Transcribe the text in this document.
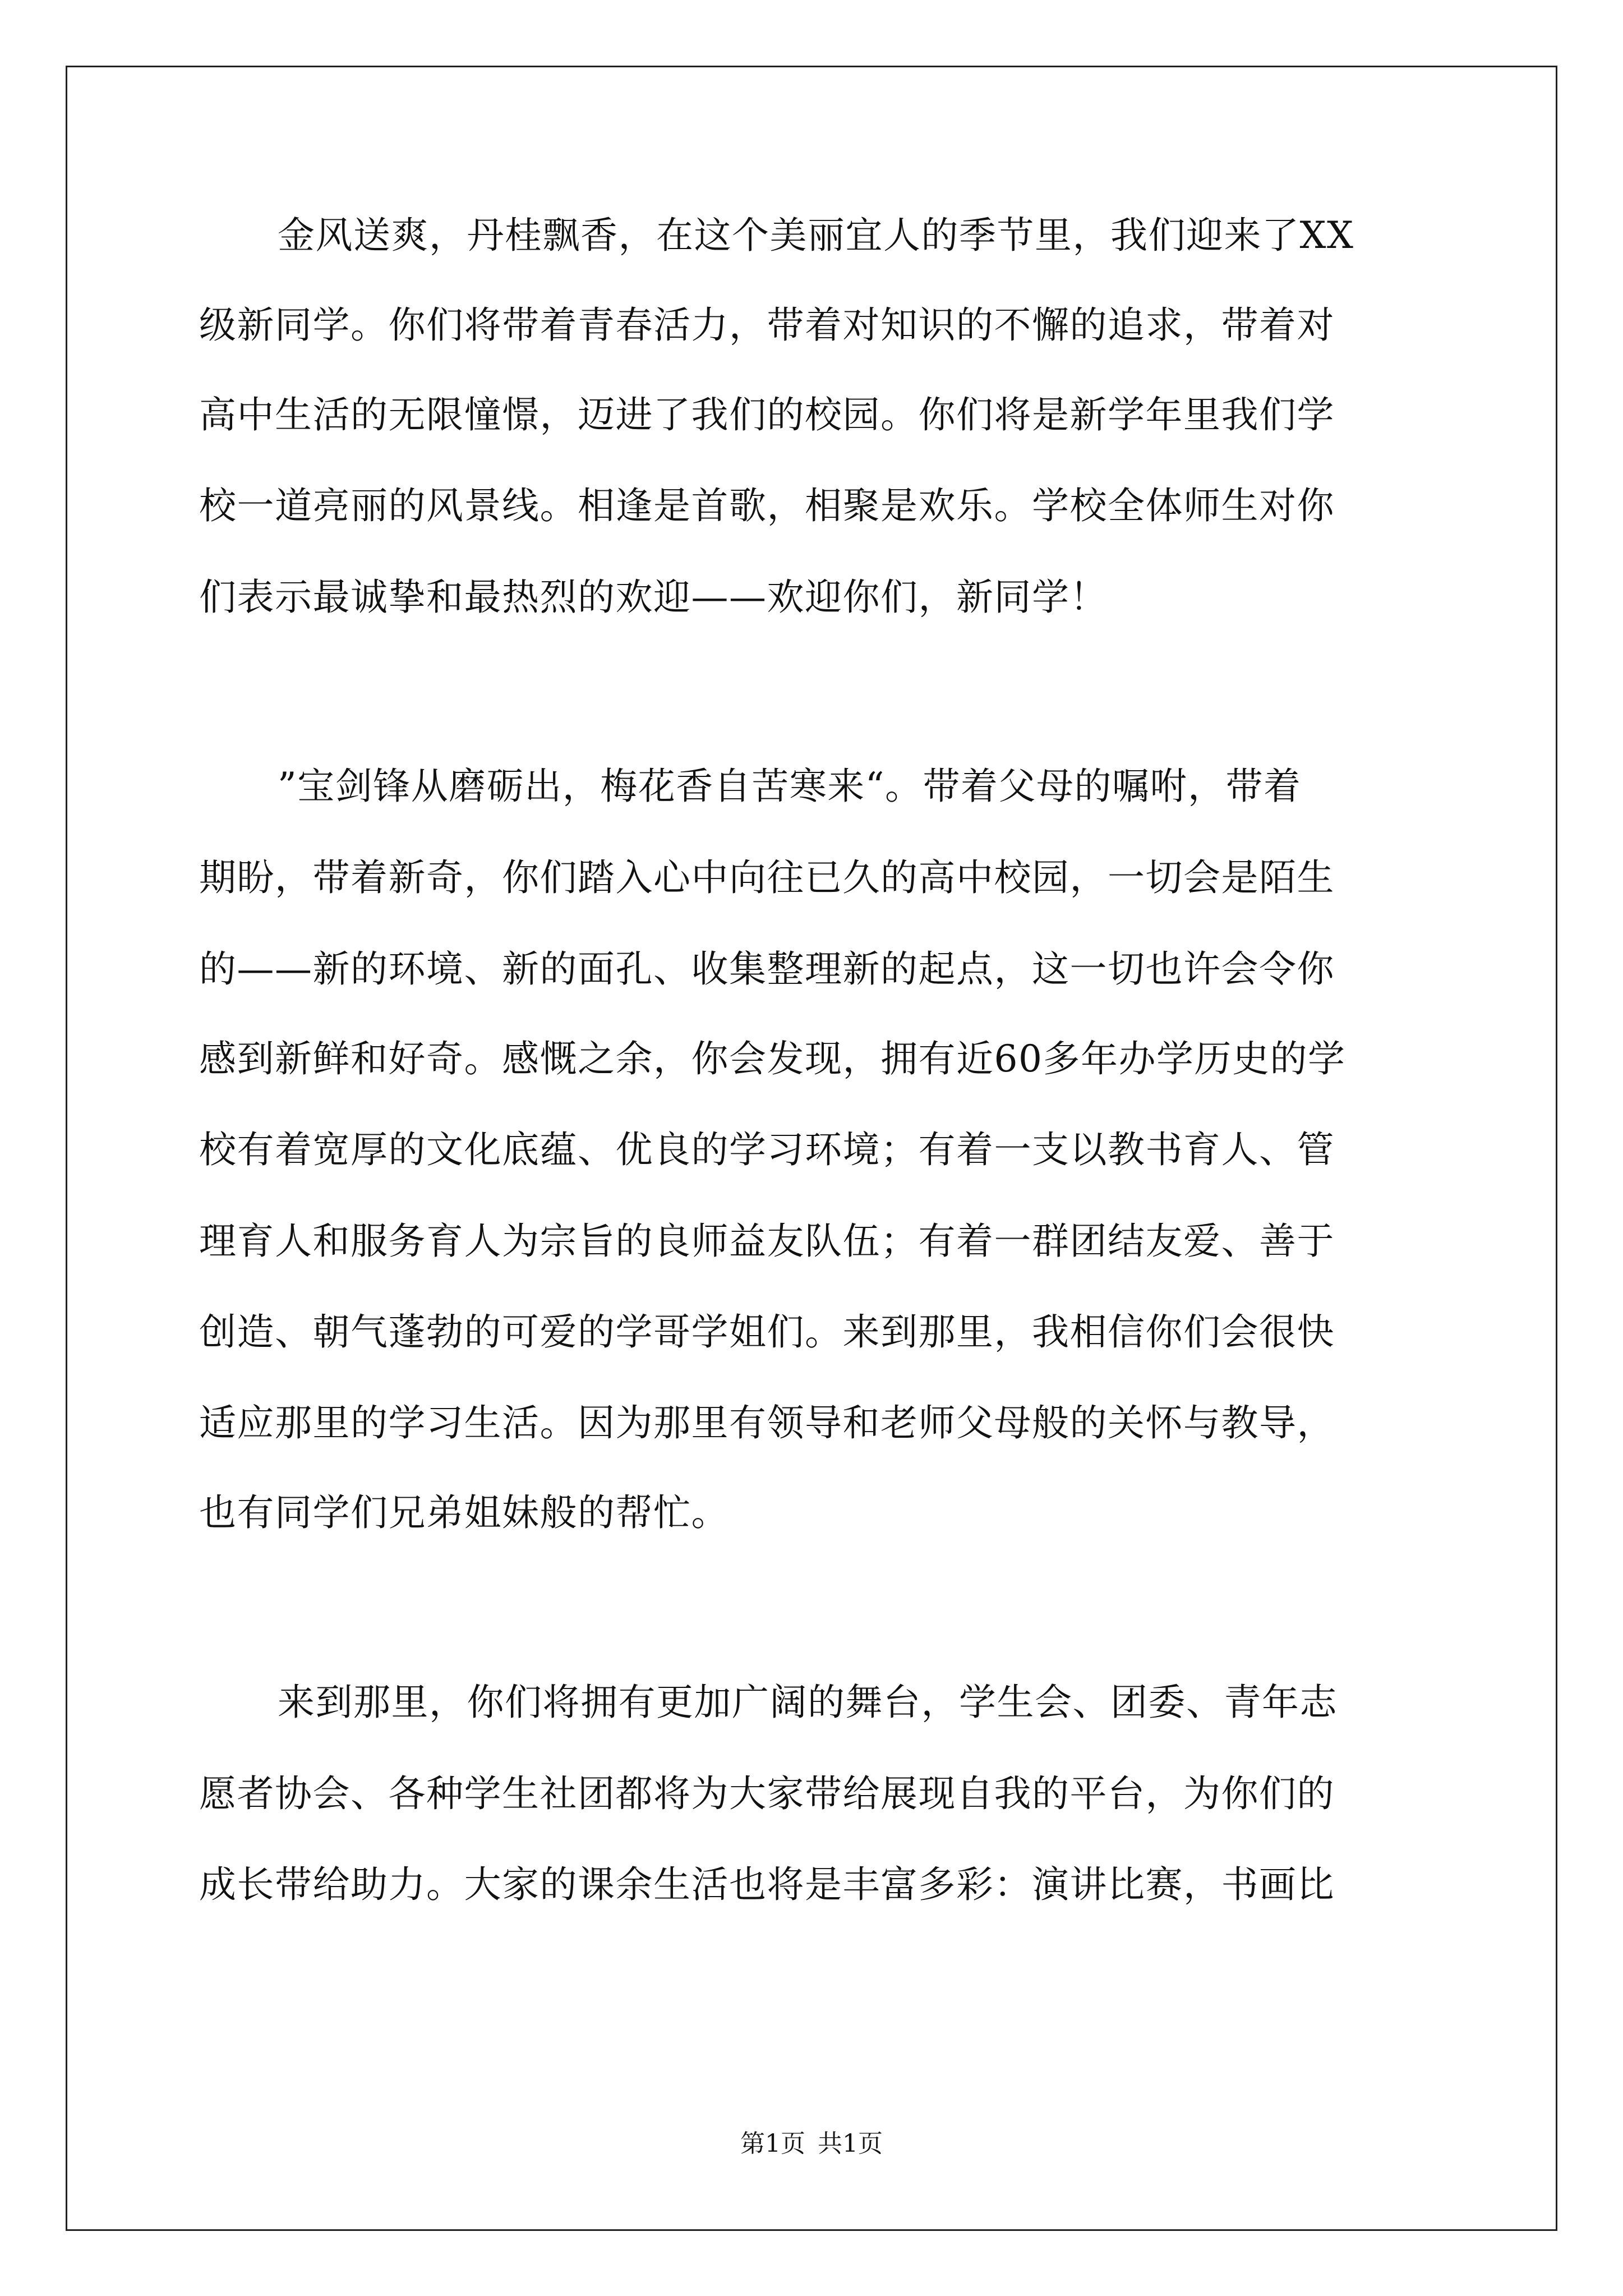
金风送爽，丹桂飘香，在这个美丽宜人的季节里，我们迎来了XX
级新同学。你们将带着青春活力，带着对知识的不懈的追求，带着对
高中生活的无限憧憬，迈进了我们的校园。你们将是新学年里我们学
校一道亮丽的风景线。相逢是首歌，相聚是欢乐。学校全体师生对你
们表示最诚挚和最热烈的欢迎——欢迎你们，新同学！
”宝剑锋从磨砺出，梅花香自苦寒来“。带着父母的嘱咐，带着
期盼，带着新奇，你们踏入心中向往已久的高中校园，一切会是陌生
的——新的环境、新的面孔、收集整理新的起点，这一切也许会令你
感到新鲜和好奇。感慨之余，你会发现，拥有近60多年办学历史的学
校有着宽厚的文化底蕴、优良的学习环境；有着一支以教书育人、管
理育人和服务育人为宗旨的良师益友队伍；有着一群团结友爱、善于
创造、朝气蓬勃的可爱的学哥学姐们。来到那里，我相信你们会很快
适应那里的学习生活。因为那里有领导和老师父母般的关怀与教导，
也有同学们兄弟姐妹般的帮忙。
来到那里，你们将拥有更加广阔的舞台，学生会、团委、青年志
愿者协会、各种学生社团都将为大家带给展现自我的平台，为你们的
成长带给助力。大家的课余生活也将是丰富多彩：演讲比赛，书画比
第1页 共1页
